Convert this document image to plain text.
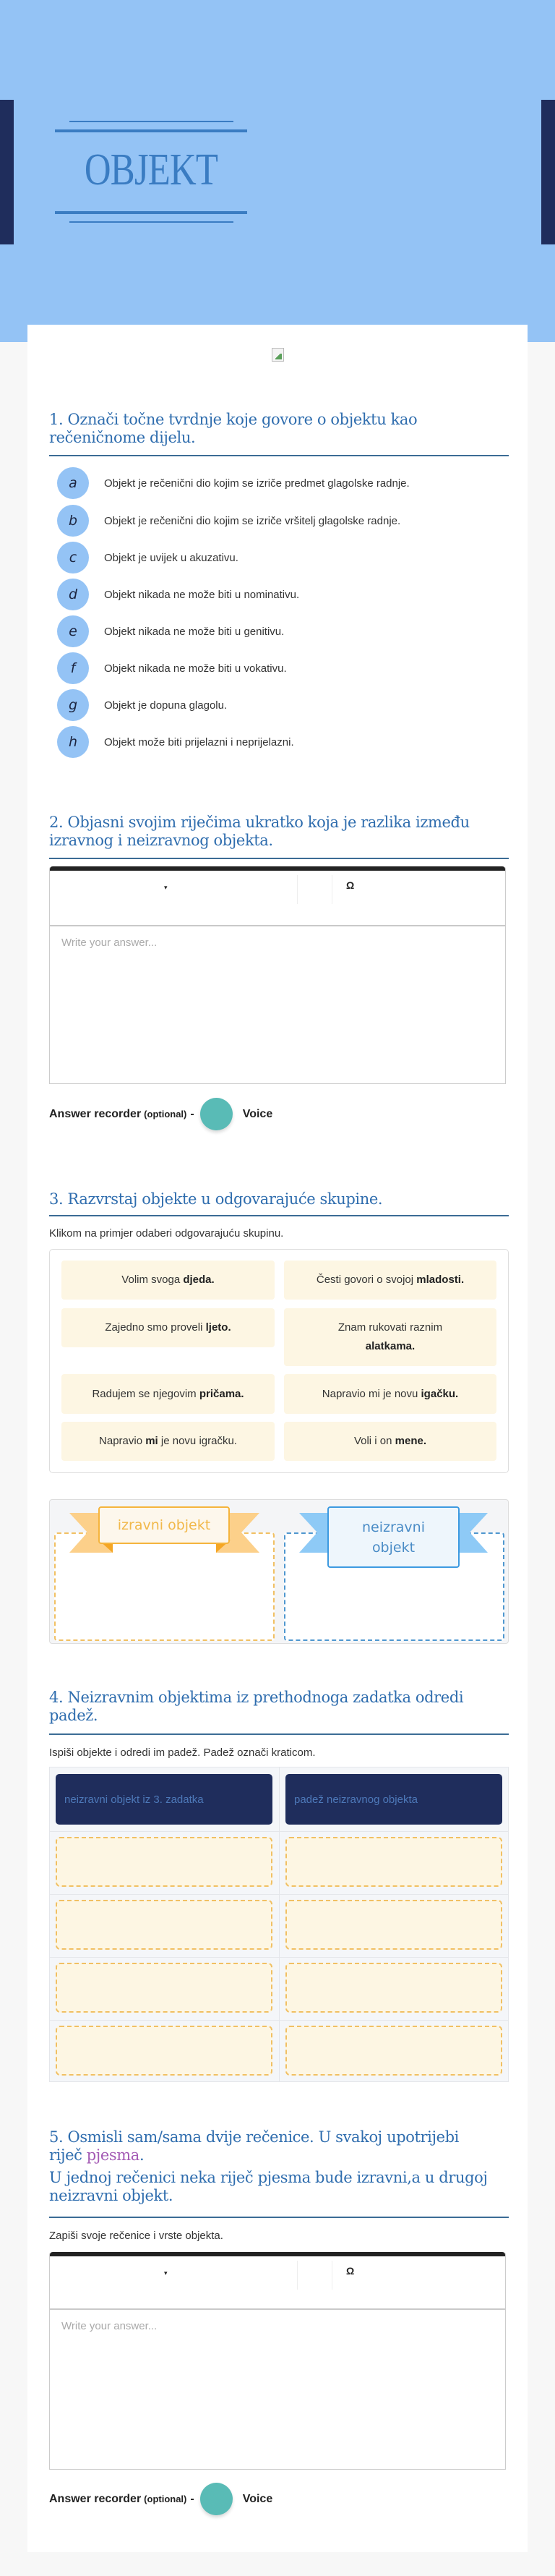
OBJEKT
1. Označi točne tvrdnje koje govore o objektu kao
rečeničnome dijelu.
a	Objekt je rečenični dio kojim se izriče predmet glagolske radnje.
b	Objekt je rečenični dio kojim se izriče vršitelj glagolske radnje.
c	Objekt je uvijek u akuzativu.
d	Objekt nikada ne može biti u nominativu.
e	Objekt nikada ne može biti u genitivu.
f	Objekt nikada ne može biti u vokativu.
g	Objekt je dopuna glagolu.
h	Objekt može biti prijelazni i neprijelazni.
2. Objasni svojim riječima ukratko koja je razlika između
izravnog i neizravnog objekta.
▾	Ω
Write your answer...
Answer recorder (optional) -	Voice
3. Razvrstaj objekte u odgovarajuće skupine.
Klikom na primjer odaberi odgovarajuću skupinu.
Volim svoga djeda.	Česti govori o svojoj mladosti.
Zajedno smo proveli ljeto.	Znam rukovati raznim
alatkama.
Radujem se njegovim pričama.	Napravio mi je novu igačku.
Napravio mi je novu igračku.	Voli i on mene.
izravni objekt	neizravni objekt
4. Neizravnim objektima iz prethodnoga zadatka odredi
padež.
Ispiši objekte i odredi im padež. Padež označi kraticom.
neizravni objekt iz 3. zadatka	padež neizravnog objekta
5. Osmisli sam/sama dvije rečenice. U svakoj upotrijebi
riječ pjesma.
U jednoj rečenici neka riječ pjesma bude izravni,a u drugoj
neizravni objekt.
Zapiši svoje rečenice i vrste objekta.
▾	Ω
Write your answer...
Answer recorder (optional) -	Voice
